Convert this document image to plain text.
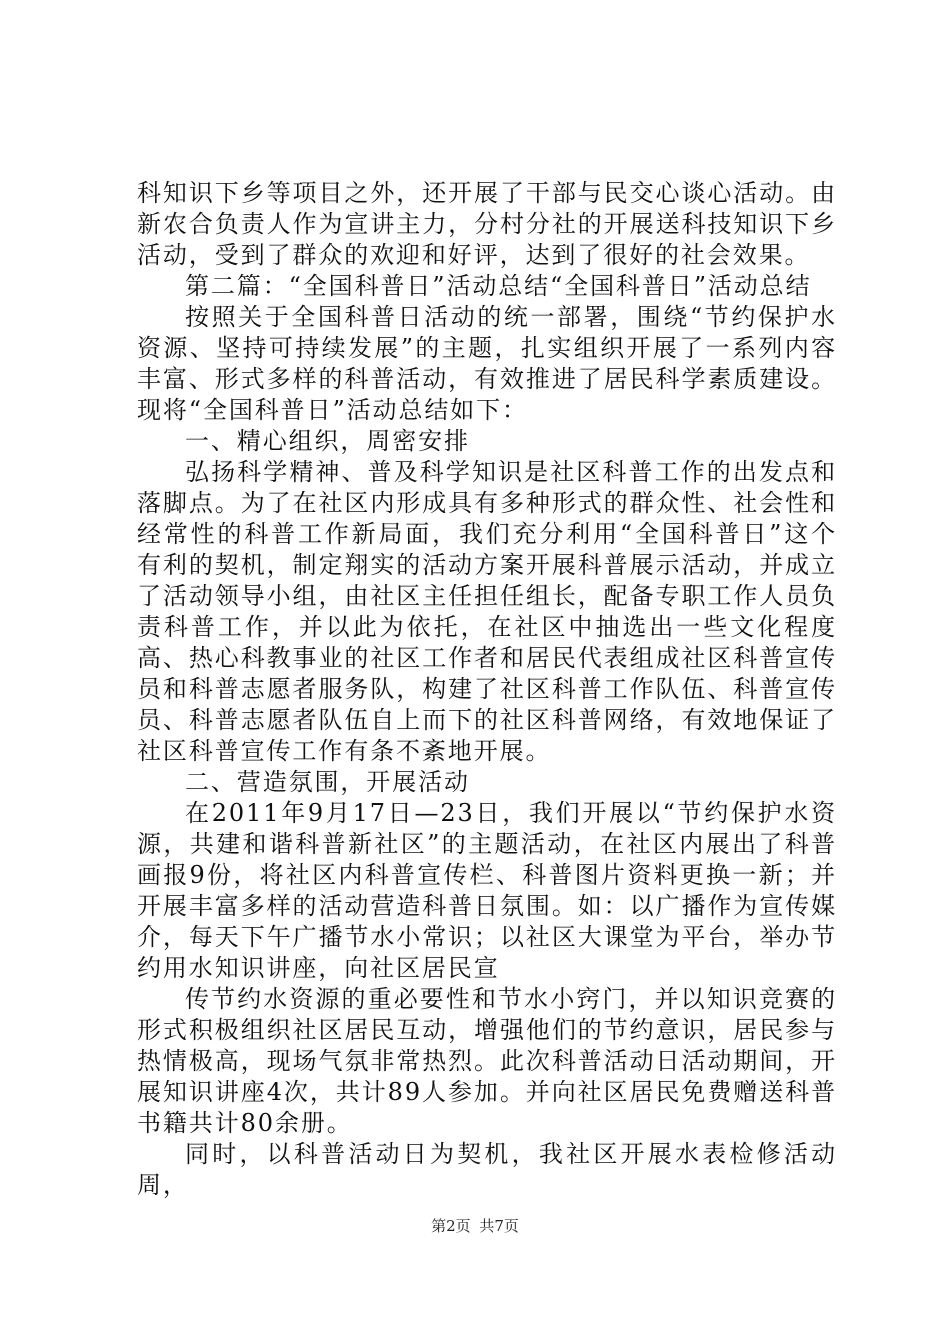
科知识下乡等项目之外，还开展了干部与民交心谈心活动。由新农合负责人作为宣讲主力，分村分社的开展送科技知识下乡活动，受到了群众的欢迎和好评，达到了很好的社会效果。

第二篇：“全国科普日”活动总结“全国科普日”活动总结

按照关于全国科普日活动的统一部署，围绕“节约保护水资源、坚持可持续发展”的主题，扎实组织开展了一系列内容丰富、形式多样的科普活动，有效推进了居民科学素质建设。现将“全国科普日”活动总结如下：

一、精心组织，周密安排

弘扬科学精神、普及科学知识是社区科普工作的出发点和落脚点。为了在社区内形成具有多种形式的群众性、社会性和经常性的科普工作新局面，我们充分利用“全国科普日”这个有利的契机，制定翔实的活动方案开展科普展示活动，并成立了活动领导小组，由社区主任担任组长，配备专职工作人员负责科普工作，并以此为依托，在社区中抽选出一些文化程度高、热心科教事业的社区工作者和居民代表组成社区科普宣传员和科普志愿者服务队，构建了社区科普工作队伍、科普宣传员、科普志愿者队伍自上而下的社区科普网络，有效地保证了社区科普宣传工作有条不紊地开展。

二、营造氛围，开展活动

在2011年9月17日—23日，我们开展以“节约保护水资源，共建和谐科普新社区”的主题活动，在社区内展出了科普画报9份，将社区内科普宣传栏、科普图片资料更换一新；并开展丰富多样的活动营造科普日氛围。如：以广播作为宣传媒介，每天下午广播节水小常识；以社区大课堂为平台，举办节约用水知识讲座，向社区居民宣

传节约水资源的重必要性和节水小窍门，并以知识竞赛的形式积极组织社区居民互动，增强他们的节约意识，居民参与热情极高，现场气氛非常热烈。此次科普活动日活动期间，开展知识讲座4次，共计89人参加。并向社区居民免费赠送科普书籍共计80余册。

同时，以科普活动日为契机，我社区开展水表检修活动周，

第2页 共7页
